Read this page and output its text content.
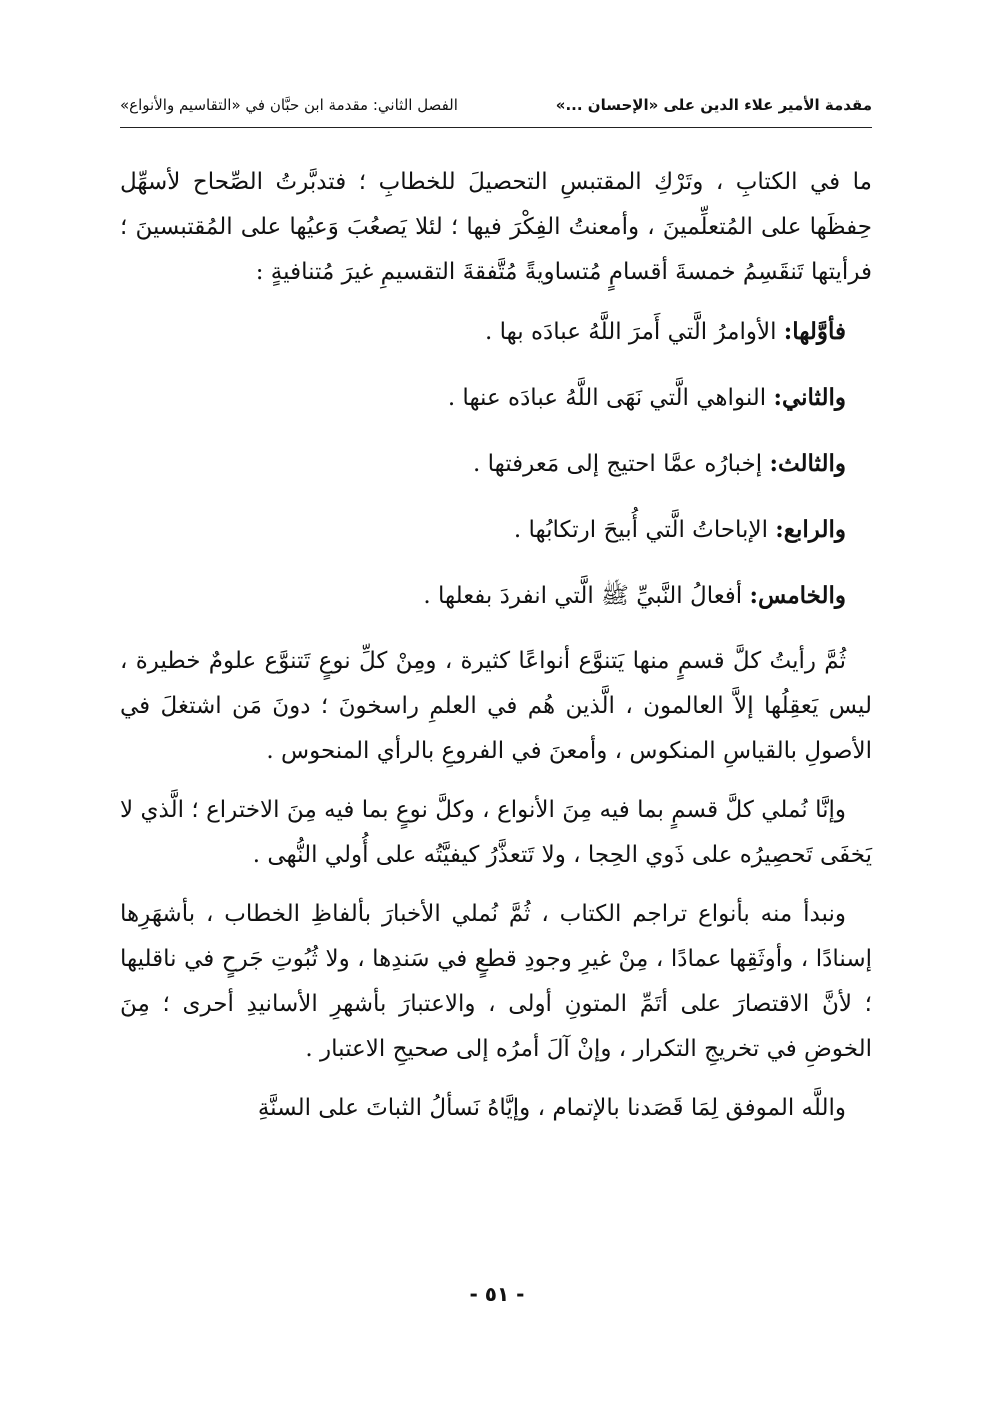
مقدمة الأمير علاء الدين على «الإحسان ...»
الفصل الثاني: مقدمة ابن حبَّان في «التقاسيم والأنواع»

ما في الكتابِ ، وتَرْكِ المقتبسِ التحصيلَ للخطابِ ؛ فتدبَّرتُ الصِّحاح لأسهِّل حِفظَها على المُتعلِّمينَ ، وأمعنتُ الفِكْرَ فيها ؛ لئلا يَصعُبَ وَعيُها على المُقتبسينَ ؛ فرأيتها تَنقَسِمُ خمسةَ أقسامٍ مُتساويةً مُتَّفقةَ التقسيمِ غيرَ مُتنافيةٍ :

فأوَّلها: الأوامرُ الَّتي أَمرَ اللَّهُ عبادَه بها .
والثاني: النواهي الَّتي نَهَى اللَّهُ عبادَه عنها .
والثالث: إخبارُه عمَّا احتيج إلى مَعرفتها .
والرابع: الإباحاتُ الَّتي أُبيحَ ارتكابُها .
والخامس: أفعالُ النَّبيِّ ﷺ الَّتي انفردَ بفعلها .

ثُمَّ رأيتُ كلَّ قسمٍ منها يَتنوَّع أنواعًا كثيرة ، ومِنْ كلِّ نوعٍ تَتنوَّع علومٌ خطيرة ، ليس يَعقِلُها إلاَّ العالمون ، الَّذين هُم في العلمِ راسخونَ ؛ دونَ مَن اشتغلَ في الأصولِ بالقياسِ المنكوس ، وأمعنَ في الفروعِ بالرأي المنحوس .

وإنَّا نُملي كلَّ قسمٍ بما فيه مِنَ الأنواع ، وكلَّ نوعٍ بما فيه مِنَ الاختراع ؛ الَّذي لا يَخفَى تَحصِيرُه على ذَوي الحِجا ، ولا تَتعذَّرُ كيفيَّتُه على أُولي النُّهى .

ونبدأ منه بأنواع تراجم الكتاب ، ثُمَّ نُملي الأخبارَ بألفاظِ الخطاب ، بأشهَرِها إسنادًا ، وأوثَقِها عمادًا ، مِنْ غيرِ وجودِ قطعٍ في سَندِها ، ولا ثُبُوتِ جَرحٍ في ناقليها ؛ لأنَّ الاقتصارَ على أتَمِّ المتونِ أولى ، والاعتبارَ بأشهرِ الأسانيدِ أحرى ؛ مِنَ الخوضِ في تخريجِ التكرار ، وإنْ آلَ أمرُه إلى صحيحِ الاعتبار .

واللَّه الموفق لِمَا قَصَدنا بالإتمام ، وإيَّاهُ نَسألُ الثباتَ على السنَّةِ

- ٥١ -
